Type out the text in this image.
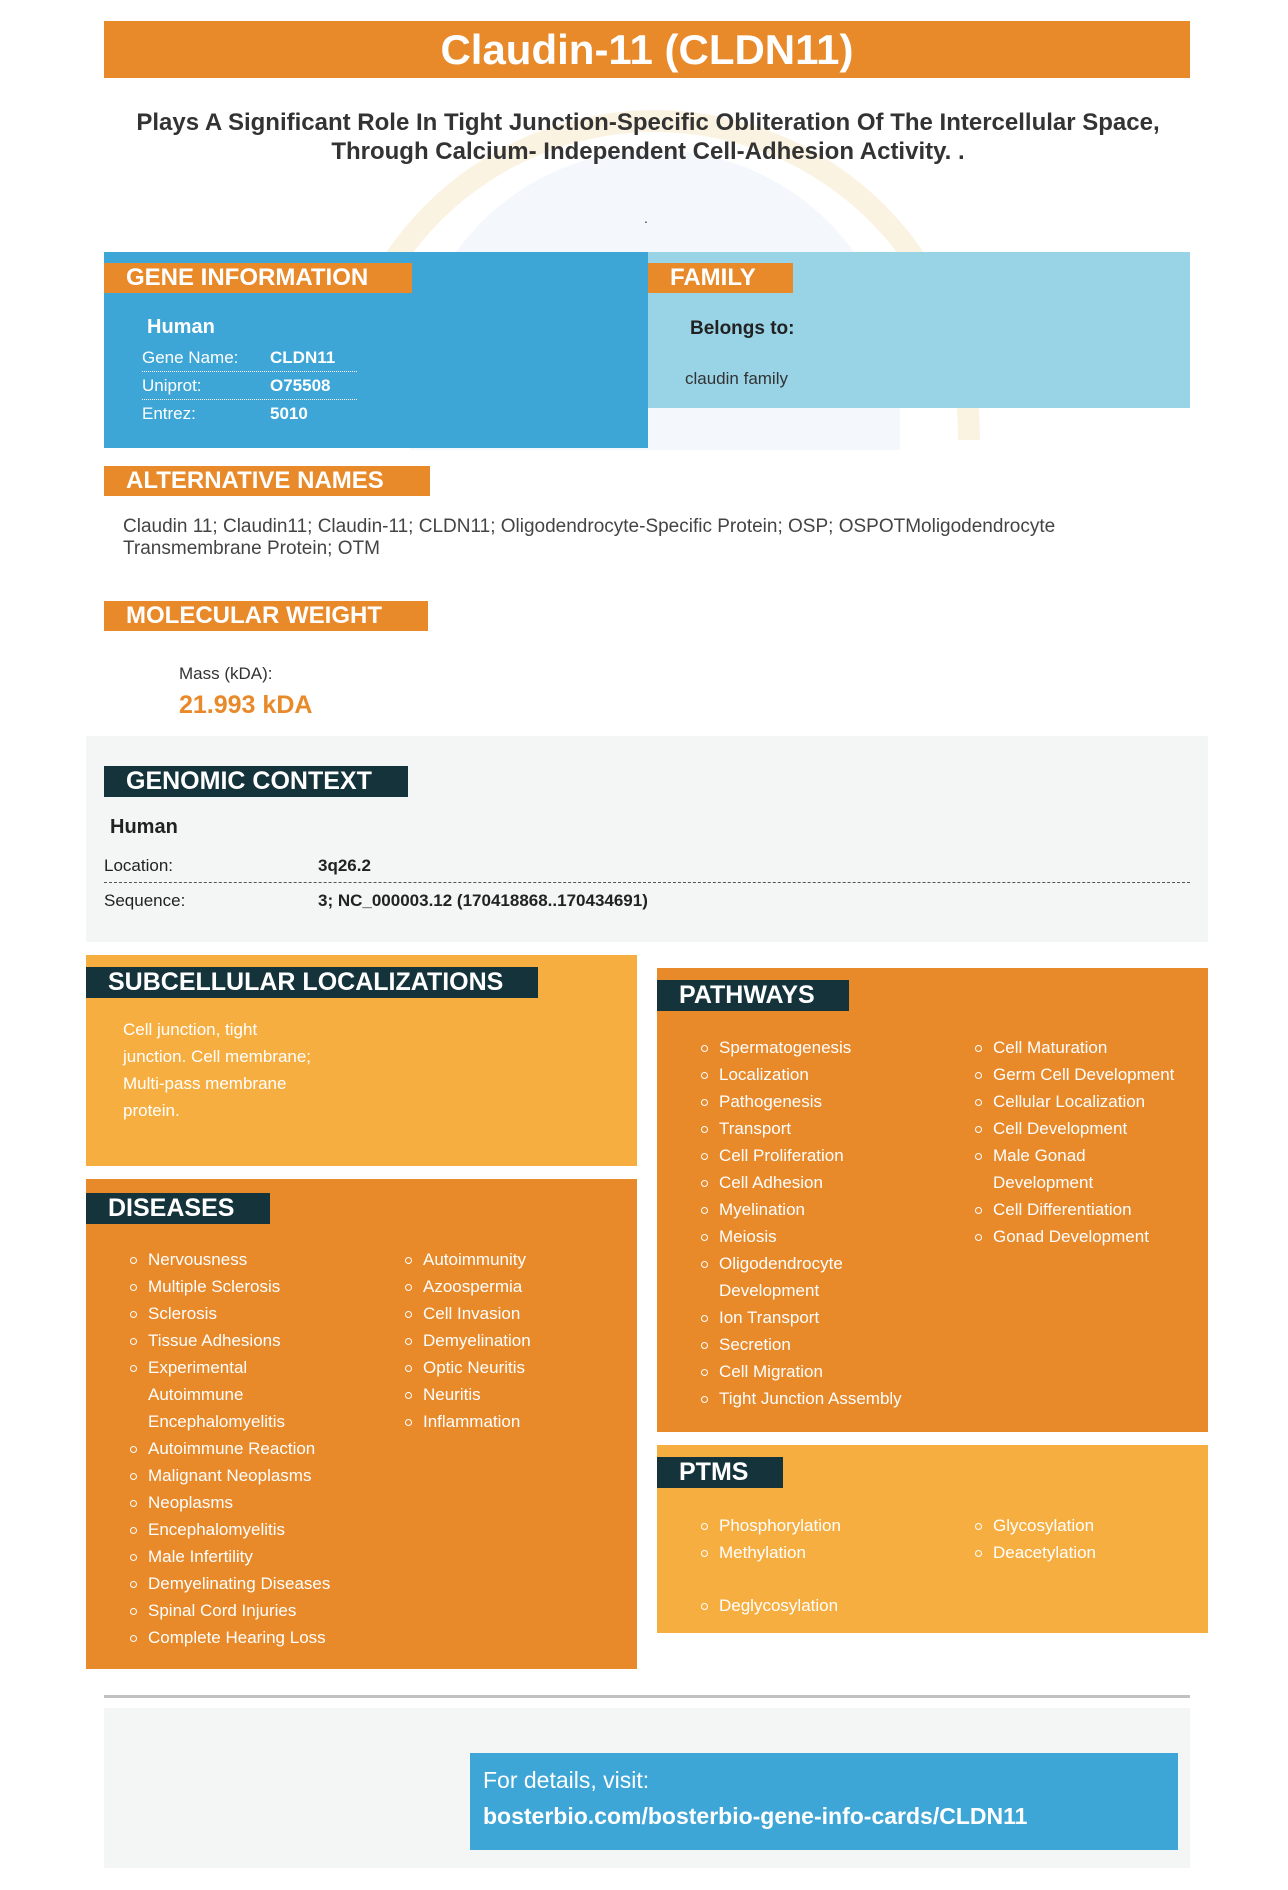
Claudin-11 (CLDN11)
Plays A Significant Role In Tight Junction-Specific Obliteration Of The Intercellular Space, Through Calcium- Independent Cell-Adhesion Activity. .
.
GENE INFORMATION
Human
Gene Name: CLDN11
Uniprot:	O75508
Entrez:	5010
FAMILY
Belongs to:
claudin family
ALTERNATIVE NAMES
Claudin 11; Claudin11; Claudin-11; CLDN11; Oligodendrocyte-Specific Protein; OSP; OSPOTMoligodendrocyte Transmembrane Protein; OTM
MOLECULAR WEIGHT
Mass (kDA):
21.993 kDA
GENOMIC CONTEXT
Human
Location:	3q26.2
Sequence:	3; NC_000003.12 (170418868..170434691)
SUBCELLULAR LOCALIZATIONS
Cell junction, tight
junction. Cell membrane;
Multi-pass membrane
protein.
DISEASES
Nervousness
Multiple Sclerosis
Sclerosis
Tissue Adhesions
Experimental Autoimmune Encephalomyelitis
Autoimmune Reaction
Malignant Neoplasms
Neoplasms
Encephalomyelitis
Male Infertility
Demyelinating Diseases
Spinal Cord Injuries
Complete Hearing Loss
Autoimmunity
Azoospermia
Cell Invasion
Demyelination
Optic Neuritis
Neuritis
Inflammation
PATHWAYS
Spermatogenesis
Localization
Pathogenesis
Transport
Cell Proliferation
Cell Adhesion
Myelination
Meiosis
Oligodendrocyte Development
Ion Transport
Secretion
Cell Migration
Tight Junction Assembly
Cell Maturation
Germ Cell Development
Cellular Localization
Cell Development
Male Gonad Development
Cell Differentiation
Gonad Development
PTMS
Phosphorylation
Methylation
Glycosylation
Deacetylation
Deglycosylation
For details, visit:
bosterbio.com/bosterbio-gene-info-cards/CLDN11
